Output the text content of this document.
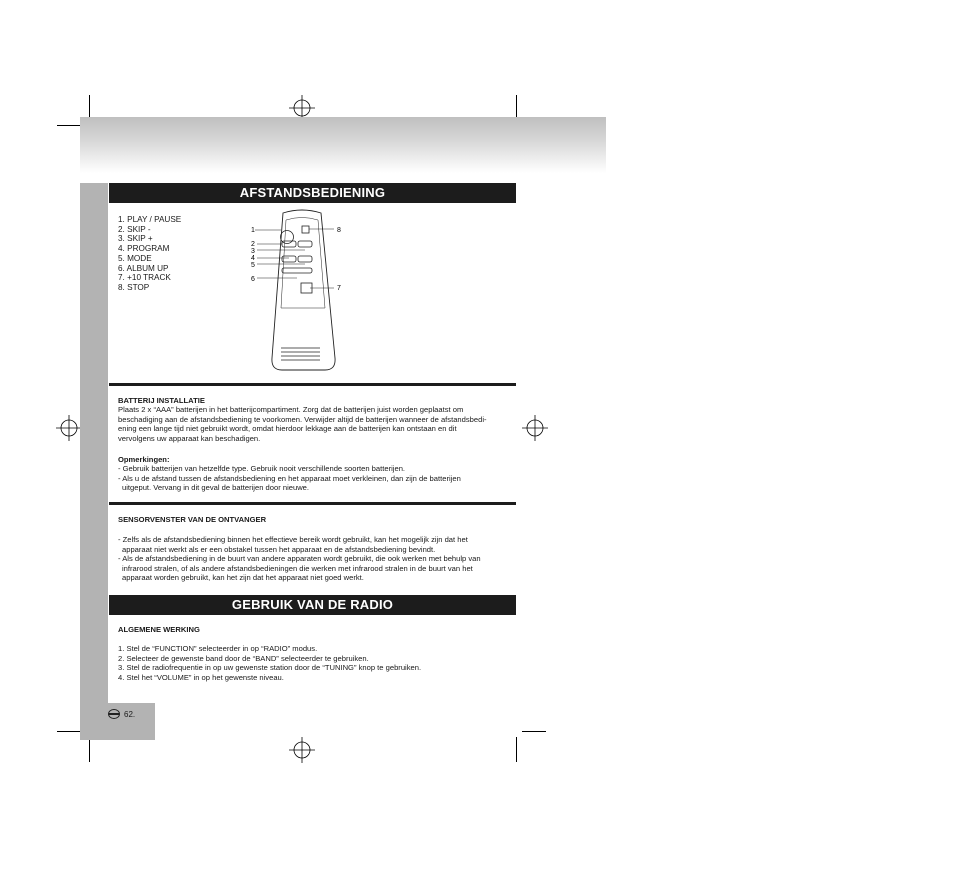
AFSTANDSBEDIENING
1. PLAY / PAUSE
2. SKIP -
3. SKIP +
4. PROGRAM
5. MODE
6. ALBUM UP
7. +10 TRACK
8. STOP
1
2
3
4
5
6
7
8
BATTERIJ INSTALLATIE
Plaats 2 x “AAA” batterijen in het batterijcompartiment. Zorg dat de batterijen juist worden geplaatst om
beschadiging aan de afstandsbediening te voorkomen. Verwijder altijd de batterijen wanneer de afstandsbedi-
ening een lange tijd niet gebruikt wordt, omdat hierdoor lekkage aan de batterijen kan ontstaan en dit
vervolgens uw apparaat kan beschadigen.
Opmerkingen:
- Gebruik batterijen van hetzelfde type. Gebruik nooit verschillende soorten batterijen.
- Als u de afstand tussen de afstandsbediening en het apparaat moet verkleinen, dan zijn de batterijen
uitgeput. Vervang in dit geval de batterijen door nieuwe.
SENSORVENSTER VAN DE ONTVANGER
- Zelfs als de afstandsbediening binnen het effectieve bereik wordt gebruikt, kan het mogelijk zijn dat het
apparaat niet werkt als er een obstakel tussen het apparaat en de afstandsbediening bevindt.
- Als de afstandsbediening in de buurt van andere apparaten wordt gebruikt, die ook werken met behulp van
infrarood stralen, of als andere afstandsbedieningen die werken met infrarood stralen in de buurt van het
apparaat worden gebruikt, kan het zijn dat het apparaat niet goed werkt.
GEBRUIK VAN DE RADIO
ALGEMENE WERKING
1. Stel de “FUNCTION” selecteerder in op “RADIO” modus.
2. Selecteer de gewenste band door de “BAND” selecteerder te gebruiken.
3. Stel de radiofrequentie in op uw gewenste station door de “TUNING” knop te gebruiken.
4. Stel het “VOLUME” in op het gewenste niveau.
62.
